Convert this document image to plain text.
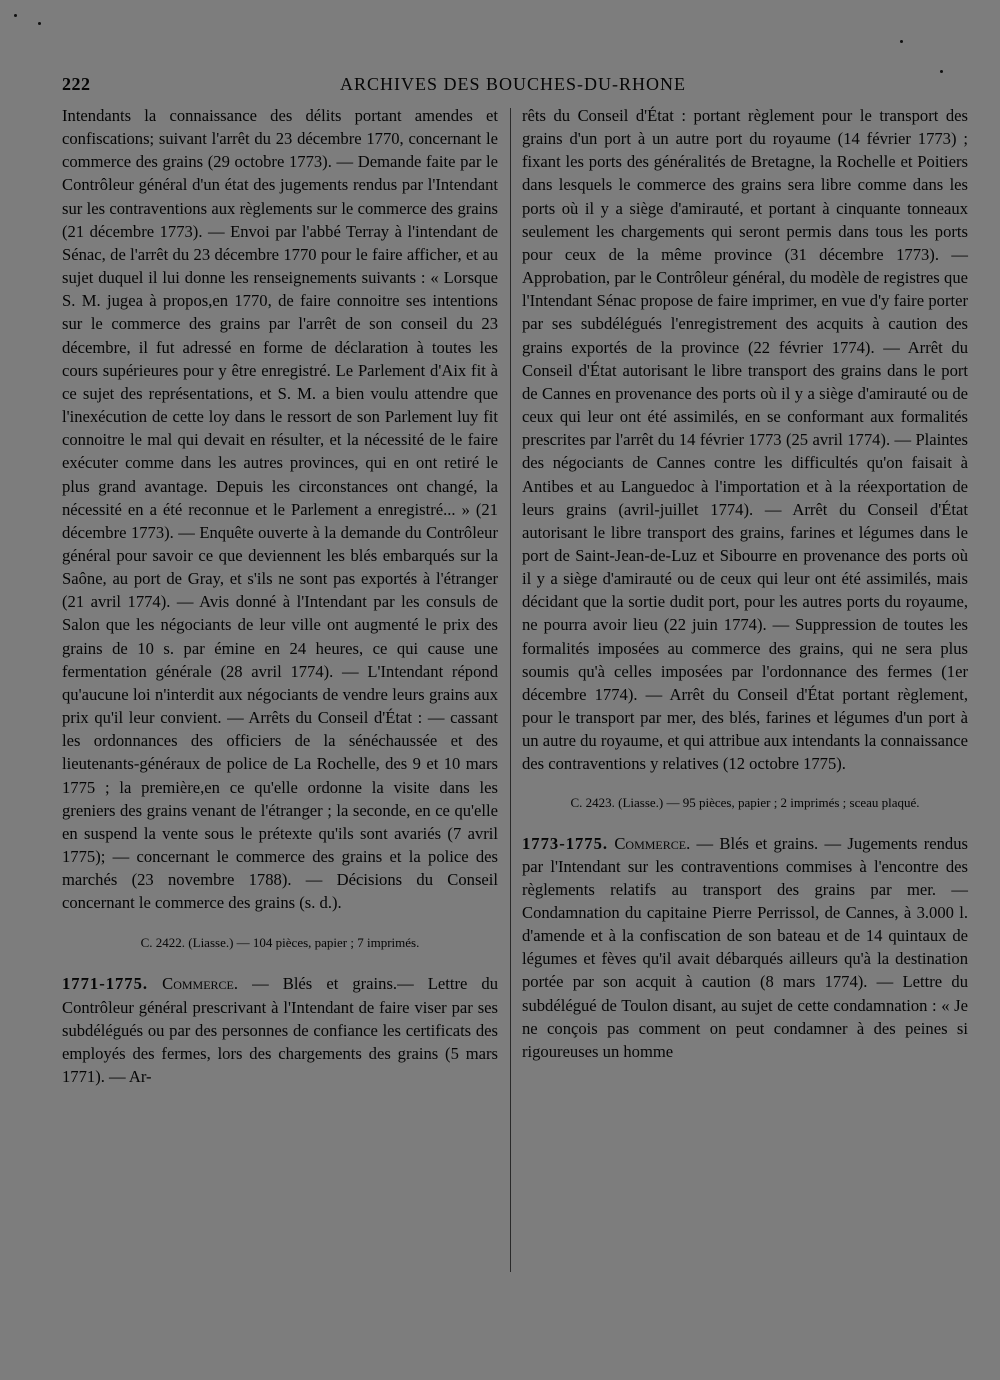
222	ARCHIVES DES BOUCHES-DU-RHONE

Intendants la connaissance des délits portant amendes et confiscations; suivant l'arrêt du 23 décembre 1770, concernant le commerce des grains (29 octobre 1773). — Demande faite par le Contrôleur général d'un état des jugements rendus par l'Intendant sur les contraventions aux règlements sur le commerce des grains (21 décembre 1773). — Envoi par l'abbé Terray à l'intendant de Sénac, de l'arrêt du 23 décembre 1770 pour le faire afficher, et au sujet duquel il lui donne les renseignements suivants : « Lorsque S. M. jugea à propos,en 1770, de faire connoitre ses intentions sur le commerce des grains par l'arrêt de son conseil du 23 décembre, il fut adressé en forme de déclaration à toutes les cours supérieures pour y être enregistré. Le Parlement d'Aix fit à ce sujet des représentations, et S. M. a bien voulu attendre que l'inexécution de cette loy dans le ressort de son Parlement luy fit connoitre le mal qui devait en résulter, et la nécessité de le faire exécuter comme dans les autres provinces, qui en ont retiré le plus grand avantage. Depuis les circonstances ont changé, la nécessité en a été reconnue et le Parlement a enregistré... » (21 décembre 1773). — Enquête ouverte à la demande du Contrôleur général pour savoir ce que deviennent les blés embarqués sur la Saône, au port de Gray, et s'ils ne sont pas exportés à l'étranger (21 avril 1774). — Avis donné à l'Intendant par les consuls de Salon que les négociants de leur ville ont augmenté le prix des grains de 10 s. par émine en 24 heures, ce qui cause une fermentation générale (28 avril 1774). — L'Intendant répond qu'aucune loi n'interdit aux négociants de vendre leurs grains aux prix qu'il leur convient. — Arrêts du Conseil d'État : — cassant les ordonnances des officiers de la sénéchaussée et des lieutenants-généraux de police de La Rochelle, des 9 et 10 mars 1775 ; la première,en ce qu'elle ordonne la visite dans les greniers des grains venant de l'étranger ; la seconde, en ce qu'elle en suspend la vente sous le prétexte qu'ils sont avariés (7 avril 1775); — concernant le commerce des grains et la police des marchés (23 novembre 1788). — Décisions du Conseil concernant le commerce des grains (s. d.).

C. 2422. (Liasse.) — 104 pièces, papier ; 7 imprimés.

1771-1775. Commerce. — Blés et grains.— Lettre du Contrôleur général prescrivant à l'Intendant de faire viser par ses subdélégués ou par des personnes de confiance les certificats des employés des fermes, lors des chargements des grains (5 mars 1771). — Ar-

rêts du Conseil d'État : portant règlement pour le transport des grains d'un port à un autre port du royaume (14 février 1773) ; fixant les ports des généralités de Bretagne, la Rochelle et Poitiers dans lesquels le commerce des grains sera libre comme dans les ports où il y a siège d'amirauté, et portant à cinquante tonneaux seulement les chargements qui seront permis dans tous les ports pour ceux de la même province (31 décembre 1773). — Approbation, par le Contrôleur général, du modèle de registres que l'Intendant Sénac propose de faire imprimer, en vue d'y faire porter par ses subdélégués l'enregistrement des acquits à caution des grains exportés de la province (22 février 1774). — Arrêt du Conseil d'État autorisant le libre transport des grains dans le port de Cannes en provenance des ports où il y a siège d'amirauté ou de ceux qui leur ont été assimilés, en se conformant aux formalités prescrites par l'arrêt du 14 février 1773 (25 avril 1774). — Plaintes des négociants de Cannes contre les difficultés qu'on faisait à Antibes et au Languedoc à l'importation et à la réexportation de leurs grains (avril-juillet 1774). — Arrêt du Conseil d'État autorisant le libre transport des grains, farines et légumes dans le port de Saint-Jean-de-Luz et Sibourre en provenance des ports où il y a siège d'amirauté ou de ceux qui leur ont été assimilés, mais décidant que la sortie dudit port, pour les autres ports du royaume, ne pourra avoir lieu (22 juin 1774). — Suppression de toutes les formalités imposées au commerce des grains, qui ne sera plus soumis qu'à celles imposées par l'ordonnance des fermes (1er décembre 1774). — Arrêt du Conseil d'État portant règlement, pour le transport par mer, des blés, farines et légumes d'un port à un autre du royaume, et qui attribue aux intendants la connaissance des contraventions y relatives (12 octobre 1775).

C. 2423. (Liasse.) — 95 pièces, papier ; 2 imprimés ; sceau plaqué.

1773-1775. Commerce. — Blés et grains. — Jugements rendus par l'Intendant sur les contraventions commises à l'encontre des règlements relatifs au transport des grains par mer. — Condamnation du capitaine Pierre Perrissol, de Cannes, à 3.000 l. d'amende et à la confiscation de son bateau et de 14 quintaux de légumes et fèves qu'il avait débarqués ailleurs qu'à la destination portée par son acquit à caution (8 mars 1774). — Lettre du subdélégué de Toulon disant, au sujet de cette condamnation : « Je ne conçois pas comment on peut condamner à des peines si rigoureuses un homme
